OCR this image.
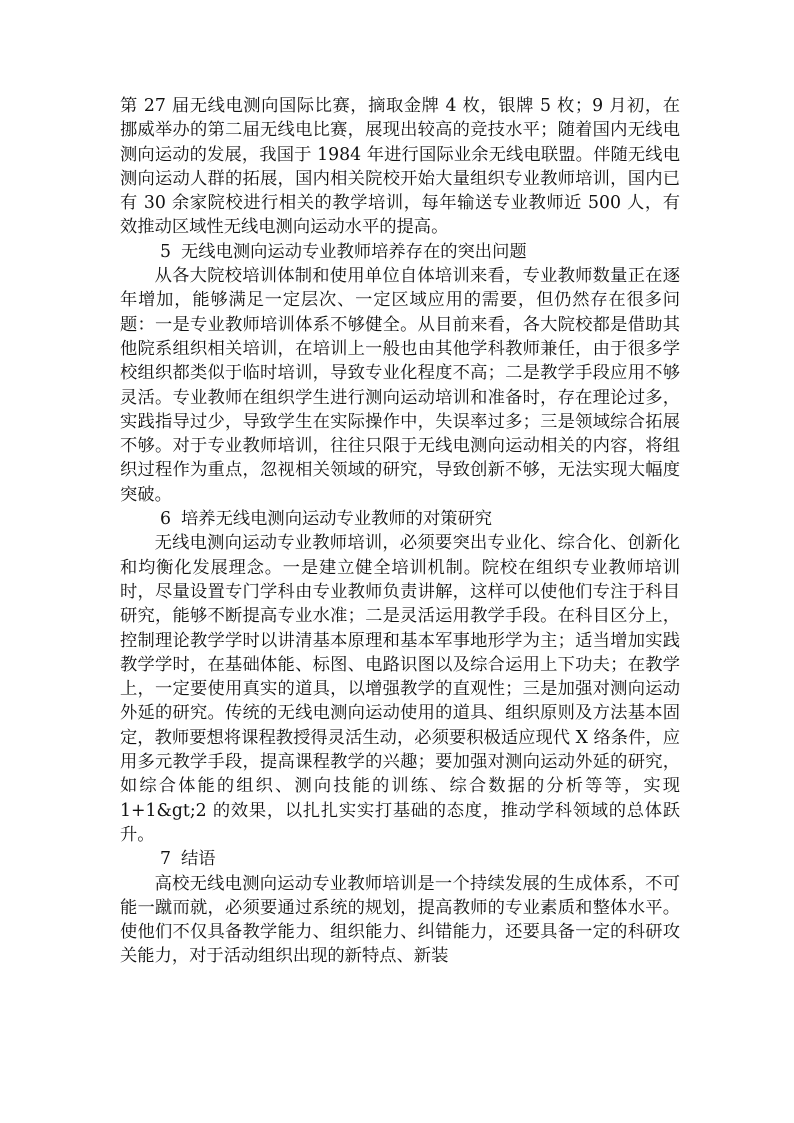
第 27 届无线电测向国际比赛，摘取金牌 4 枚，银牌 5 枚；9 月初，在挪威举办的第二届无线电比赛，展现出较高的竞技水平；随着国内无线电测向运动的发展，我国于 1984 年进行国际业余无线电联盟。伴随无线电测向运动人群的拓展，国内相关院校开始大量组织专业教师培训，国内已有 30 余家院校进行相关的教学培训，每年输送专业教师近 500 人，有效推动区域性无线电测向运动水平的提高。

5 无线电测向运动专业教师培养存在的突出问题

从各大院校培训体制和使用单位自体培训来看，专业教师数量正在逐年增加，能够满足一定层次、一定区域应用的需要，但仍然存在很多问题：一是专业教师培训体系不够健全。从目前来看，各大院校都是借助其他院系组织相关培训，在培训上一般也由其他学科教师兼任，由于很多学校组织都类似于临时培训，导致专业化程度不高；二是教学手段应用不够灵活。专业教师在组织学生进行测向运动培训和准备时，存在理论过多，实践指导过少，导致学生在实际操作中，失误率过多；三是领域综合拓展不够。对于专业教师培训，往往只限于无线电测向运动相关的内容，将组织过程作为重点，忽视相关领域的研究，导致创新不够，无法实现大幅度突破。

6 培养无线电测向运动专业教师的对策研究

无线电测向运动专业教师培训，必须要突出专业化、综合化、创新化和均衡化发展理念。一是建立健全培训机制。院校在组织专业教师培训时，尽量设置专门学科由专业教师负责讲解，这样可以使他们专注于科目研究，能够不断提高专业水准；二是灵活运用教学手段。在科目区分上，控制理论教学学时以讲清基本原理和基本军事地形学为主；适当增加实践教学学时，在基础体能、标图、电路识图以及综合运用上下功夫；在教学上，一定要使用真实的道具，以增强教学的直观性；三是加强对测向运动外延的研究。传统的无线电测向运动使用的道具、组织原则及方法基本固定，教师要想将课程教授得灵活生动，必须要积极适应现代 X 络条件，应用多元教学手段，提高课程教学的兴趣；要加强对测向运动外延的研究，如综合体能的组织、测向技能的训练、综合数据的分析等等，实现 1+1&gt;2 的效果，以扎扎实实打基础的态度，推动学科领域的总体跃升。

7 结语

高校无线电测向运动专业教师培训是一个持续发展的生成体系，不可能一蹴而就，必须要通过系统的规划，提高教师的专业素质和整体水平。使他们不仅具备教学能力、组织能力、纠错能力，还要具备一定的科研攻关能力，对于活动组织出现的新特点、新装
